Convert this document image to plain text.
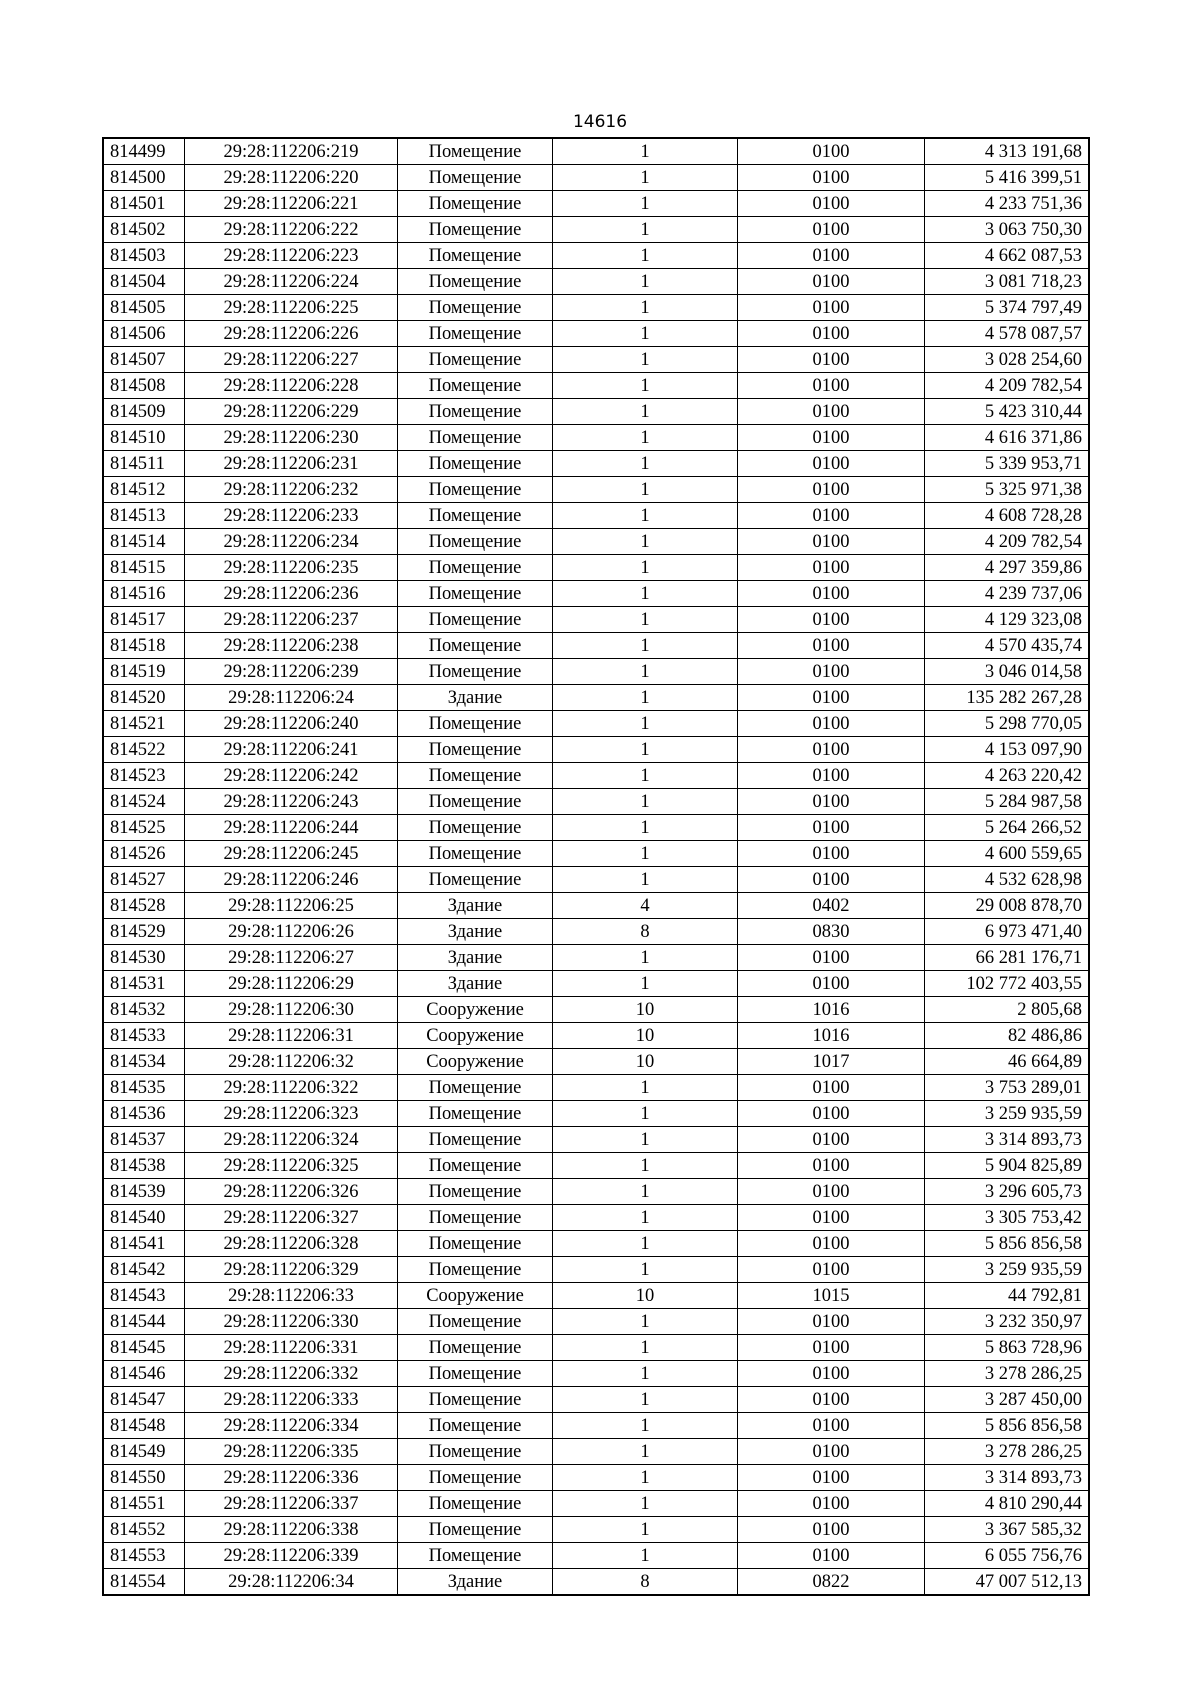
14616
814499	29:28:112206:219	Помещение	1	0100	4 313 191,68
814500	29:28:112206:220	Помещение	1	0100	5 416 399,51
814501	29:28:112206:221	Помещение	1	0100	4 233 751,36
814502	29:28:112206:222	Помещение	1	0100	3 063 750,30
814503	29:28:112206:223	Помещение	1	0100	4 662 087,53
814504	29:28:112206:224	Помещение	1	0100	3 081 718,23
814505	29:28:112206:225	Помещение	1	0100	5 374 797,49
814506	29:28:112206:226	Помещение	1	0100	4 578 087,57
814507	29:28:112206:227	Помещение	1	0100	3 028 254,60
814508	29:28:112206:228	Помещение	1	0100	4 209 782,54
814509	29:28:112206:229	Помещение	1	0100	5 423 310,44
814510	29:28:112206:230	Помещение	1	0100	4 616 371,86
814511	29:28:112206:231	Помещение	1	0100	5 339 953,71
814512	29:28:112206:232	Помещение	1	0100	5 325 971,38
814513	29:28:112206:233	Помещение	1	0100	4 608 728,28
814514	29:28:112206:234	Помещение	1	0100	4 209 782,54
814515	29:28:112206:235	Помещение	1	0100	4 297 359,86
814516	29:28:112206:236	Помещение	1	0100	4 239 737,06
814517	29:28:112206:237	Помещение	1	0100	4 129 323,08
814518	29:28:112206:238	Помещение	1	0100	4 570 435,74
814519	29:28:112206:239	Помещение	1	0100	3 046 014,58
814520	29:28:112206:24	Здание	1	0100	135 282 267,28
814521	29:28:112206:240	Помещение	1	0100	5 298 770,05
814522	29:28:112206:241	Помещение	1	0100	4 153 097,90
814523	29:28:112206:242	Помещение	1	0100	4 263 220,42
814524	29:28:112206:243	Помещение	1	0100	5 284 987,58
814525	29:28:112206:244	Помещение	1	0100	5 264 266,52
814526	29:28:112206:245	Помещение	1	0100	4 600 559,65
814527	29:28:112206:246	Помещение	1	0100	4 532 628,98
814528	29:28:112206:25	Здание	4	0402	29 008 878,70
814529	29:28:112206:26	Здание	8	0830	6 973 471,40
814530	29:28:112206:27	Здание	1	0100	66 281 176,71
814531	29:28:112206:29	Здание	1	0100	102 772 403,55
814532	29:28:112206:30	Сооружение	10	1016	2 805,68
814533	29:28:112206:31	Сооружение	10	1016	82 486,86
814534	29:28:112206:32	Сооружение	10	1017	46 664,89
814535	29:28:112206:322	Помещение	1	0100	3 753 289,01
814536	29:28:112206:323	Помещение	1	0100	3 259 935,59
814537	29:28:112206:324	Помещение	1	0100	3 314 893,73
814538	29:28:112206:325	Помещение	1	0100	5 904 825,89
814539	29:28:112206:326	Помещение	1	0100	3 296 605,73
814540	29:28:112206:327	Помещение	1	0100	3 305 753,42
814541	29:28:112206:328	Помещение	1	0100	5 856 856,58
814542	29:28:112206:329	Помещение	1	0100	3 259 935,59
814543	29:28:112206:33	Сооружение	10	1015	44 792,81
814544	29:28:112206:330	Помещение	1	0100	3 232 350,97
814545	29:28:112206:331	Помещение	1	0100	5 863 728,96
814546	29:28:112206:332	Помещение	1	0100	3 278 286,25
814547	29:28:112206:333	Помещение	1	0100	3 287 450,00
814548	29:28:112206:334	Помещение	1	0100	5 856 856,58
814549	29:28:112206:335	Помещение	1	0100	3 278 286,25
814550	29:28:112206:336	Помещение	1	0100	3 314 893,73
814551	29:28:112206:337	Помещение	1	0100	4 810 290,44
814552	29:28:112206:338	Помещение	1	0100	3 367 585,32
814553	29:28:112206:339	Помещение	1	0100	6 055 756,76
814554	29:28:112206:34	Здание	8	0822	47 007 512,13
